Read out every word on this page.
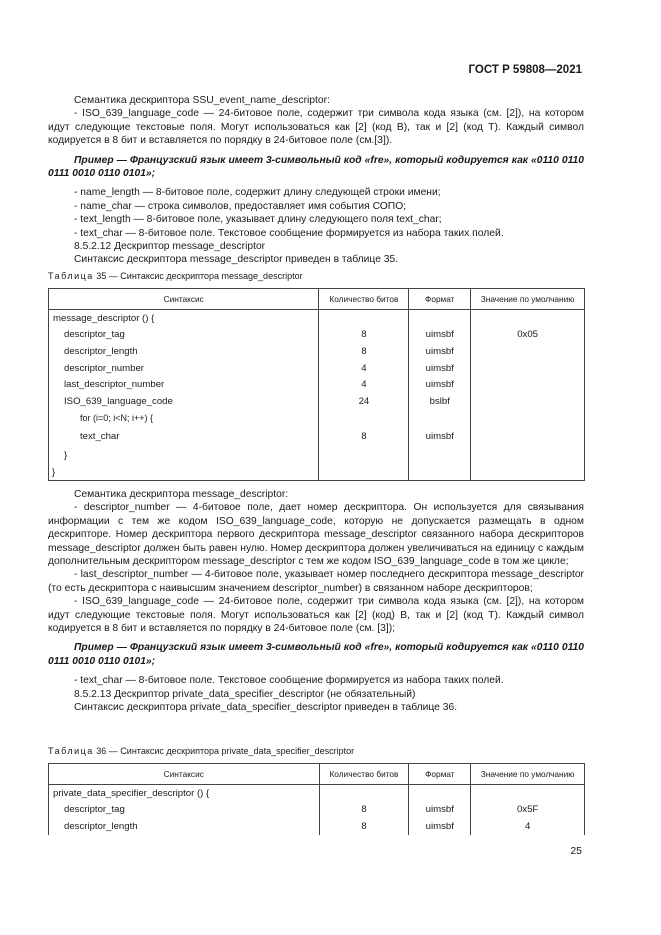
ГОСТ Р 59808—2021

Семантика дескриптора SSU_event_name_descriptor:

- ISO_639_language_code — 24-битовое поле, содержит три символа кода языка (см. [2]), на котором идут следующие текстовые поля. Могут использоваться как [2] (код B), так и [2] (код T). Каждый символ кодируется в 8 бит и вставляется по порядку в 24-битовое поле (см.[3]).

Пример — Французский язык имеет 3-символьный код «fre», который кодируется как «0110 0110 0111 0010 0110 0101»;

- name_length — 8-битовое поле, содержит длину следующей строки имени;

- name_char — строка символов, предоставляет имя события СОПО;

- text_length — 8-битовое поле, указывает длину следующего поля text_char;

- text_char — 8-битовое поле. Текстовое сообщение формируется из набора таких полей.

8.5.2.12 Дескриптор message_descriptor

Синтаксис дескриптора message_descriptor приведен в таблице 35.

Таблица 35 — Синтаксис дескриптора message_descriptor
Синтаксис	Количество битов	Формат	Значение по умолчанию
message_descriptor () {			
descriptor_tag	8	uimsbf	0x05
descriptor_length	8	uimsbf	
descriptor_number	4	uimsbf	
last_descriptor_number	4	uimsbf	
ISO_639_language_code	24	bslbf	
for (i=0; i<N; i++) {			
text_char	8	uimsbf	
}			
}			

Семантика дескриптора message_descriptor:

- descriptor_number — 4-битовое поле, дает номер дескриптора. Он используется для связывания информации с тем же кодом ISO_639_language_code, которую не допускается размещать в одном дескрипторе. Номер дескриптора первого дескриптора message_descriptor связанного набора дескрипторов message_descriptor должен быть равен нулю. Номер дескриптора должен увеличиваться на единицу с каждым дополнительным дескриптором message_descriptor с тем же кодом ISO_639_language_code в том же цикле;

- last_descriptor_number — 4-битовое поле, указывает номер последнего дескриптора message_descriptor (то есть дескриптора с наивысшим значением descriptor_number) в связанном наборе дескрипторов;

- ISO_639_language_code — 24-битовое поле, содержит три символа кода языка (см. [2]), на котором идут следующие текстовые поля. Могут использоваться как [2] (код) B, так и [2] (код T). Каждый символ кодируется в 8 бит и вставляется по порядку в 24-битовое поле (см. [3]);

Пример — Французский язык имеет 3-символьный код «fre», который кодируется как «0110 0110 0111 0010 0110 0101»;

- text_char — 8-битовое поле. Текстовое сообщение формируется из набора таких полей.

8.5.2.13 Дескриптор private_data_specifier_descriptor (не обязательный)

Синтаксис дескриптора private_data_specifier_descriptor приведен в таблице 36.

Таблица 36 — Синтаксис дескриптора private_data_specifier_descriptor
Синтаксис	Количество битов	Формат	Значение по умолчанию
private_data_specifier_descriptor () {			
descriptor_tag	8	uimsbf	0x5F
descriptor_length	8	uimsbf	4
25
